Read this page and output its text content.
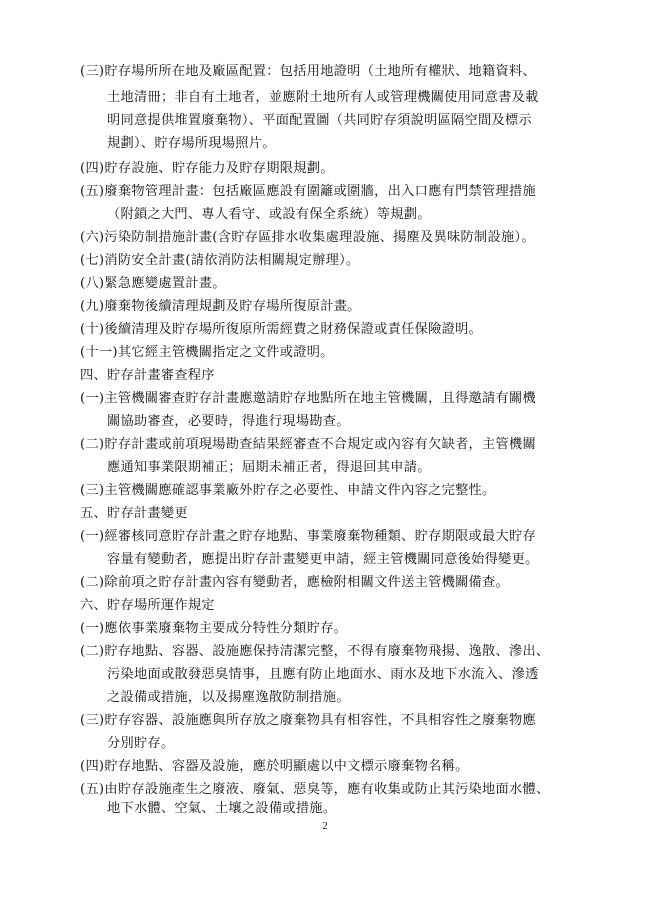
(三)貯存場所所在地及廠區配置：包括用地證明（土地所有權狀、地籍資料、
土地清冊；非自有土地者，並應附土地所有人或管理機關使用同意書及載
明同意提供堆置廢棄物）、平面配置圖（共同貯存須說明區隔空間及標示
規劃）、貯存場所現場照片。
(四)貯存設施、貯存能力及貯存期限規劃。
(五)廢棄物管理計畫：包括廠區應設有圍籬或圍牆，出入口應有門禁管理措施
（附鎖之大門、專人看守、或設有保全系統）等規劃。
(六)污染防制措施計畫(含貯存區排水收集處理設施、揚塵及異味防制設施）。
(七)消防安全計畫(請依消防法相關規定辦理）。
(八)緊急應變處置計畫。
(九)廢棄物後續清理規劃及貯存場所復原計畫。
(十)後續清理及貯存場所復原所需經費之財務保證或責任保險證明。
(十一)其它經主管機關指定之文件或證明。
四、貯存計畫審查程序
(一)主管機關審查貯存計畫應邀請貯存地點所在地主管機關，且得邀請有關機
關協助審查，必要時，得進行現場勘查。
(二)貯存計畫或前項現場勘查結果經審查不合規定或內容有欠缺者，主管機關
應通知事業限期補正；屆期未補正者，得退回其申請。
(三)主管機關應確認事業廠外貯存之必要性、申請文件內容之完整性。
五、貯存計畫變更
(一)經審核同意貯存計畫之貯存地點、事業廢棄物種類、貯存期限或最大貯存
容量有變動者，應提出貯存計畫變更申請，經主管機關同意後始得變更。
(二)除前項之貯存計畫內容有變動者，應檢附相關文件送主管機關備查。
六、貯存場所運作規定
(一)應依事業廢棄物主要成分特性分類貯存。
(二)貯存地點、容器、設施應保持清潔完整，不得有廢棄物飛揚、逸散、滲出、
污染地面或散發惡臭情事，且應有防止地面水、雨水及地下水流入、滲透
之設備或措施，以及揚塵逸散防制措施。
(三)貯存容器、設施應與所存放之廢棄物具有相容性，不具相容性之廢棄物應
分別貯存。
(四)貯存地點、容器及設施，應於明顯處以中文標示廢棄物名稱。
(五)由貯存設施產生之廢液、廢氣、惡臭等，應有收集或防止其污染地面水體、
地下水體、空氣、土壤之設備或措施。
2
